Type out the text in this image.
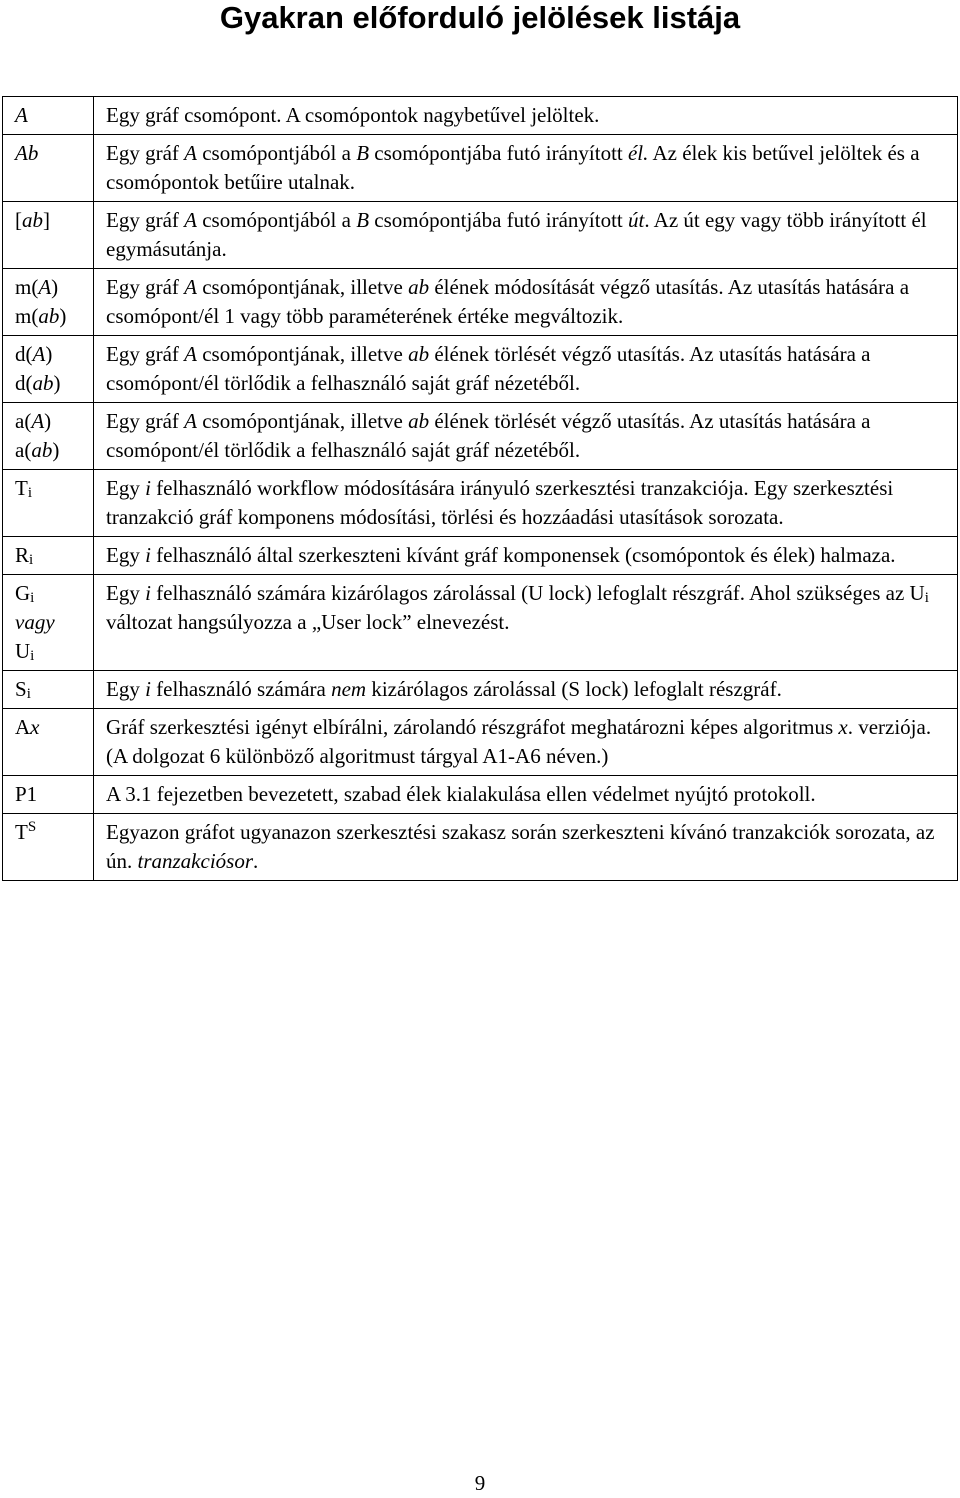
Gyakran előforduló jelölések listája
A	Egy gráf csomópont. A csomópontok nagybetűvel jelöltek.

Ab	Egy gráf A csomópontjából a B csomópontjába futó irányított él. Az élek kis betűvel jelöltek és a csomópontok betűire utalnak.

[ab]	Egy gráf A csomópontjából a B csomópontjába futó irányított út. Az út egy vagy több irányított él egymásutánja.

m(A)
m(ab)	Egy gráf A csomópontjának, illetve ab élének módosítását végző utasítás. Az utasítás hatására a csomópont/él 1 vagy több paraméterének értéke megváltozik.

d(A)
d(ab)	Egy gráf A csomópontjának, illetve ab élének törlését végző utasítás. Az utasítás hatására a csomópont/él törlődik a felhasználó saját gráf nézetéből.

a(A)
a(ab)	Egy gráf A csomópontjának, illetve ab élének törlését végző utasítás. Az utasítás hatására a csomópont/él törlődik a felhasználó saját gráf nézetéből.

$T_i$	Egy i felhasználó workflow módosítására irányuló szerkesztési tranzakciója. Egy szerkesztési tranzakció gráf komponens módosítási, törlési és hozzáadási utasítások sorozata.

$R_i$	Egy i felhasználó által szerkeszteni kívánt gráf komponensek (csomópontok és élek) halmaza.

$G_i$
vagy
$U_i$	Egy i felhasználó számára kizárólagos zárolással (U lock) lefoglalt részgráf. Ahol szükséges az $U_i$ változat hangsúlyozza a „User lock” elnevezést.

$S_i$	Egy i felhasználó számára nem kizárólagos zárolással (S lock) lefoglalt részgráf.

Ax	Gráf szerkesztési igényt elbírálni, zárolandó részgráfot meghatározni képes algoritmus x. verziója. (A dolgozat 6 különböző algoritmust tárgyal A1-A6 néven.)

P1	A 3.1 fejezetben bevezetett, szabad élek kialakulása ellen védelmet nyújtó protokoll.

$T^S$	Egyazon gráfot ugyanazon szerkesztési szakasz során szerkeszteni kívánó tranzakciók sorozata, az ún. tranzakciósor.
9
